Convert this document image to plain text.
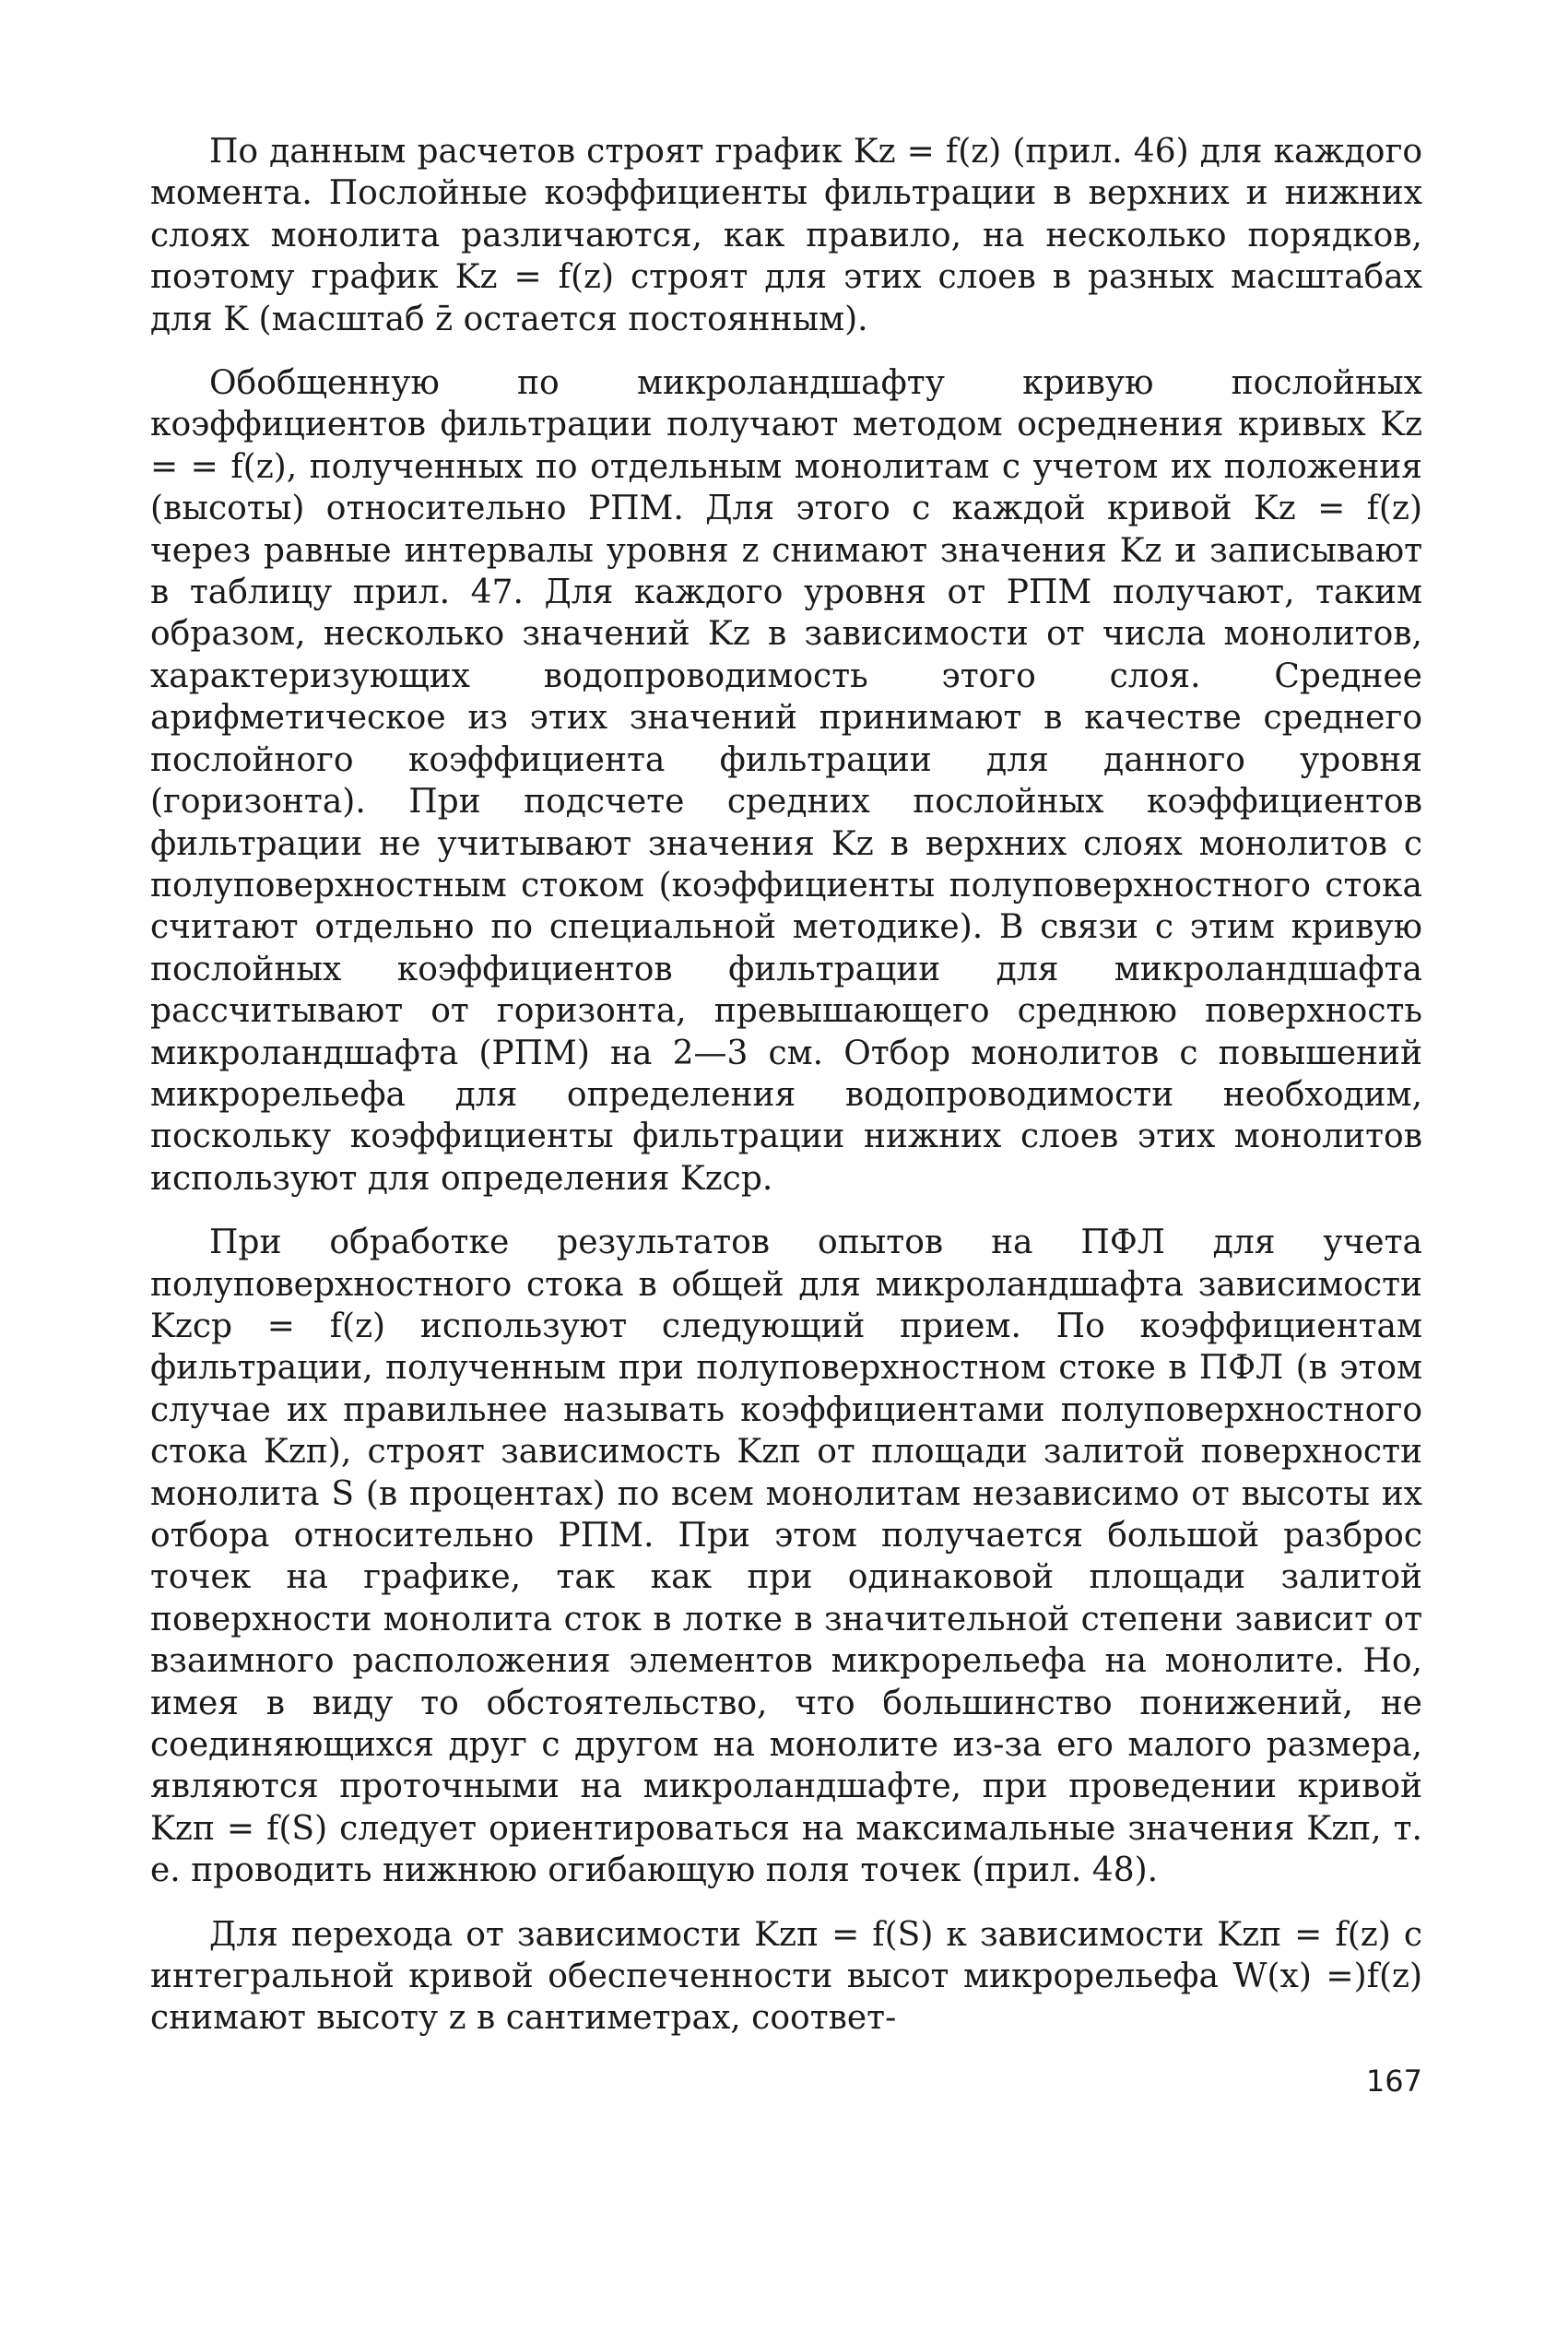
По данным расчетов строят график Kz = f(z) (прил. 46) для каждого момента. Послойные коэффициенты фильтрации в верхних и нижних слоях монолита различаются, как правило, на несколько порядков, поэтому график Kz = f(z) строят для этих слоев в разных масштабах для K (масштаб z̄ остается постоянным).

Обобщенную по микроландшафту кривую послойных коэффициентов фильтрации получают методом осреднения кривых Kz = = f(z), полученных по отдельным монолитам с учетом их положения (высоты) относительно РПМ. Для этого с каждой кривой Kz = f(z) через равные интервалы уровня z снимают значения Kz и записывают в таблицу прил. 47. Для каждого уровня от РПМ получают, таким образом, несколько значений Kz в зависимости от числа монолитов, характеризующих водопроводимость этого слоя. Среднее арифметическое из этих значений принимают в качестве среднего послойного коэффициента фильтрации для данного уровня (горизонта). При подсчете средних послойных коэффициентов фильтрации не учитывают значения Kz в верхних слоях монолитов с полуповерхностным стоком (коэффициенты полуповерхностного стока считают отдельно по специальной методике). В связи с этим кривую послойных коэффициентов фильтрации для микроландшафта рассчитывают от горизонта, превышающего среднюю поверхность микроландшафта (РПМ) на 2—3 см. Отбор монолитов с повышений микрорельефа для определения водопроводимости необходим, поскольку коэффициенты фильтрации нижних слоев этих монолитов используют для определения Kzср.

При обработке результатов опытов на ПФЛ для учета полуповерхностного стока в общей для микроландшафта зависимости Kzср = f(z) используют следующий прием. По коэффициентам фильтрации, полученным при полуповерхностном стоке в ПФЛ (в этом случае их правильнее называть коэффициентами полуповерхностного стока Kzп), строят зависимость Kzп от площади залитой поверхности монолита S (в процентах) по всем монолитам независимо от высоты их отбора относительно РПМ. При этом получается большой разброс точек на графике, так как при одинаковой площади залитой поверхности монолита сток в лотке в значительной степени зависит от взаимного расположения элементов микрорельефа на монолите. Но, имея в виду то обстоятельство, что большинство понижений, не соединяющихся друг с другом на монолите из-за его малого размера, являются проточными на микроландшафте, при проведении кривой Kzп = f(S) следует ориентироваться на максимальные значения Kzп, т. е. проводить нижнюю огибающую поля точек (прил. 48).

Для перехода от зависимости Kzп = f(S) к зависимости Kzп = f(z) с интегральной кривой обеспеченности высот микрорельефа W(x) =)f(z) снимают высоту z в сантиметрах, соответ-

167
